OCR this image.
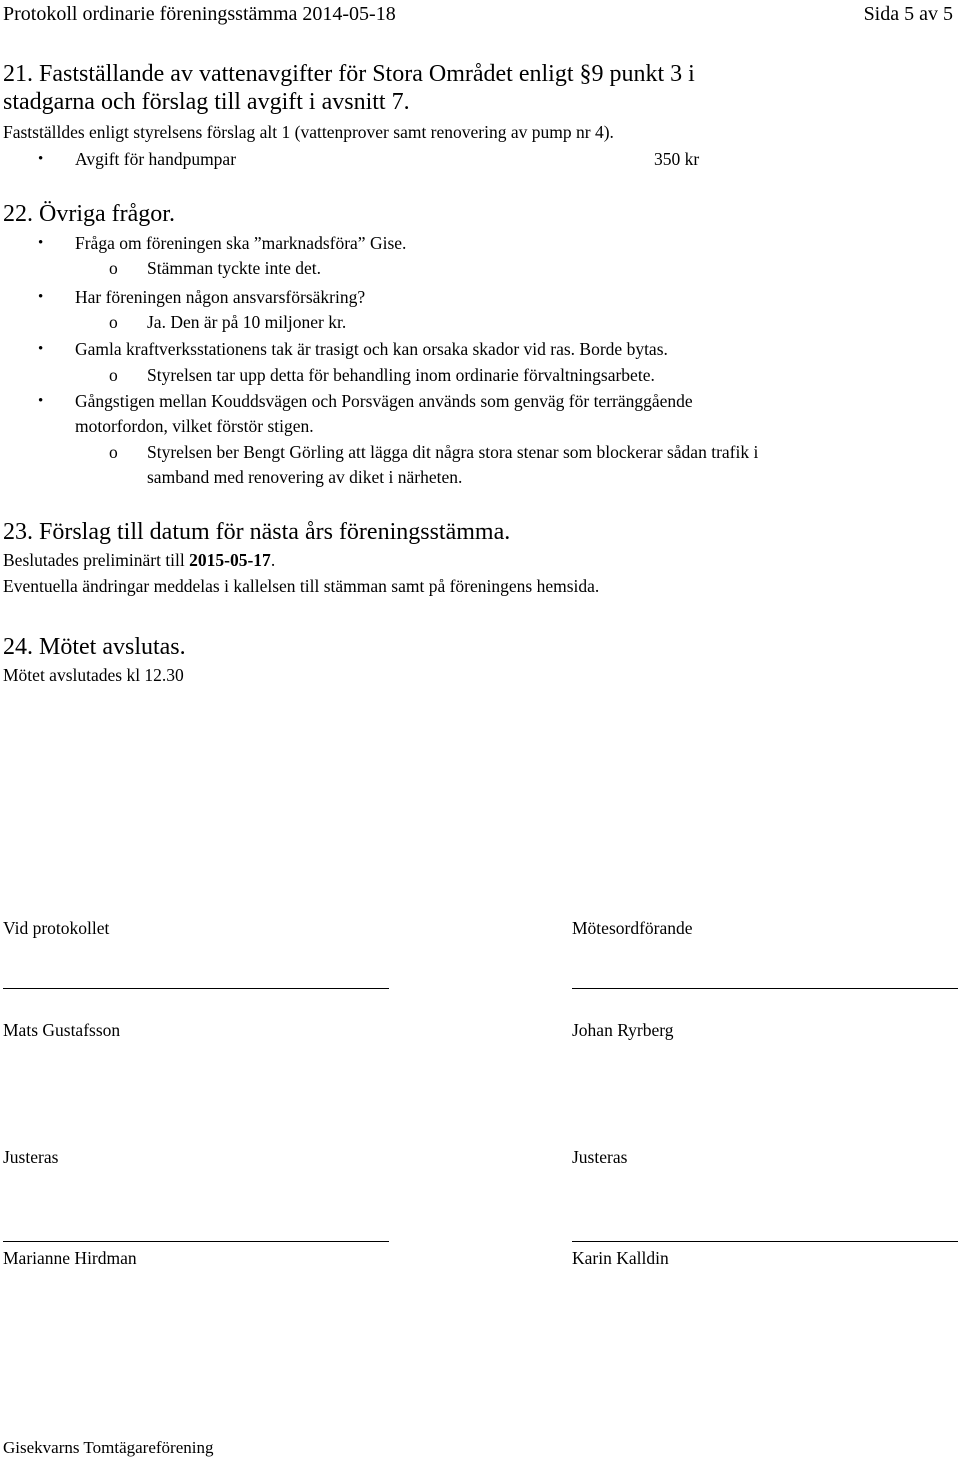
Protokoll ordinarie föreningsstämma 2014-05-18	Sida 5 av 5
21. Fastställande av vattenavgifter för Stora Området enligt §9 punkt 3 i
stadgarna och förslag till avgift i avsnitt 7.
Fastställdes enligt styrelsens förslag alt 1 (vattenprover samt renovering av pump nr 4).
• Avgift för handpumpar	350 kr
22. Övriga frågor.
• Fråga om föreningen ska ”marknadsföra” Gise.
o Stämman tyckte inte det.
• Har föreningen någon ansvarsförsäkring?
o Ja. Den är på 10 miljoner kr.
• Gamla kraftverksstationens tak är trasigt och kan orsaka skador vid ras. Borde bytas.
o Styrelsen tar upp detta för behandling inom ordinarie förvaltningsarbete.
• Gångstigen mellan Kouddsvägen och Porsvägen används som genväg för terränggående
motorfordon, vilket förstör stigen.
o Styrelsen ber Bengt Görling att lägga dit några stora stenar som blockerar sådan trafik i
samband med renovering av diket i närheten.
23. Förslag till datum för nästa års föreningsstämma.
Beslutades preliminärt till 2015-05-17.
Eventuella ändringar meddelas i kallelsen till stämman samt på föreningens hemsida.
24. Mötet avslutas.
Mötet avslutades kl 12.30
Vid protokollet	Mötesordförande
Mats Gustafsson	Johan Ryrberg
Justeras	Justeras
Marianne Hirdman	Karin Kalldin
Gisekvarns Tomtägareförening
